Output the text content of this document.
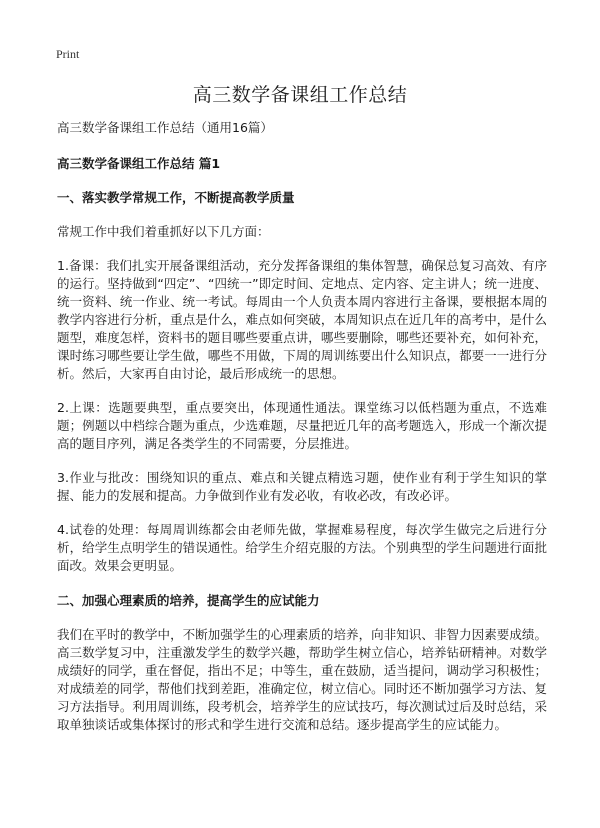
Print
高三数学备课组工作总结

高三数学备课组工作总结（通用16篇）

高三数学备课组工作总结 篇1

一、落实教学常规工作，不断提高教学质量

常规工作中我们着重抓好以下几方面：

1.备课：我们扎实开展备课组活动，充分发挥备课组的集体智慧，确保总复习高效、有序的运行。坚持做到“四定”、“四统一”即定时间、定地点、定内容、定主讲人；统一进度、统一资料、统一作业、统一考试。每周由一个人负责本周内容进行主备课，要根据本周的教学内容进行分析，重点是什么，难点如何突破，本周知识点在近几年的高考中，是什么题型，难度怎样，资料书的题目哪些要重点讲，哪些要删除，哪些还要补充，如何补充，课时练习哪些要让学生做，哪些不用做，下周的周训练要出什么知识点，都要一一进行分析。然后，大家再自由讨论，最后形成统一的思想。

2.上课：选题要典型，重点要突出，体现通性通法。课堂练习以低档题为重点，不选难题；例题以中档综合题为重点，少选难题，尽量把近几年的高考题选入，形成一个渐次提高的题目序列，满足各类学生的不同需要，分层推进。

3.作业与批改：围绕知识的重点、难点和关键点精选习题，使作业有利于学生知识的掌握、能力的发展和提高。力争做到作业有发必收，有收必改，有改必评。

4.试卷的处理：每周周训练都会由老师先做，掌握难易程度，每次学生做完之后进行分析，给学生点明学生的错误通性。给学生介绍克服的方法。个别典型的学生问题进行面批面改。效果会更明显。

二、加强心理素质的培养，提高学生的应试能力

我们在平时的教学中，不断加强学生的心理素质的培养，向非知识、非智力因素要成绩。高三数学复习中，注重激发学生的数学兴趣，帮助学生树立信心，培养钻研精神。对数学成绩好的同学，重在督促，指出不足；中等生，重在鼓励，适当提问，调动学习积极性；对成绩差的同学，帮他们找到差距，准确定位，树立信心。同时还不断加强学习方法、复习方法指导。利用周训练，段考机会，培养学生的应试技巧，每次测试过后及时总结，采取单独谈话或集体探讨的形式和学生进行交流和总结。逐步提高学生的应试能力。
